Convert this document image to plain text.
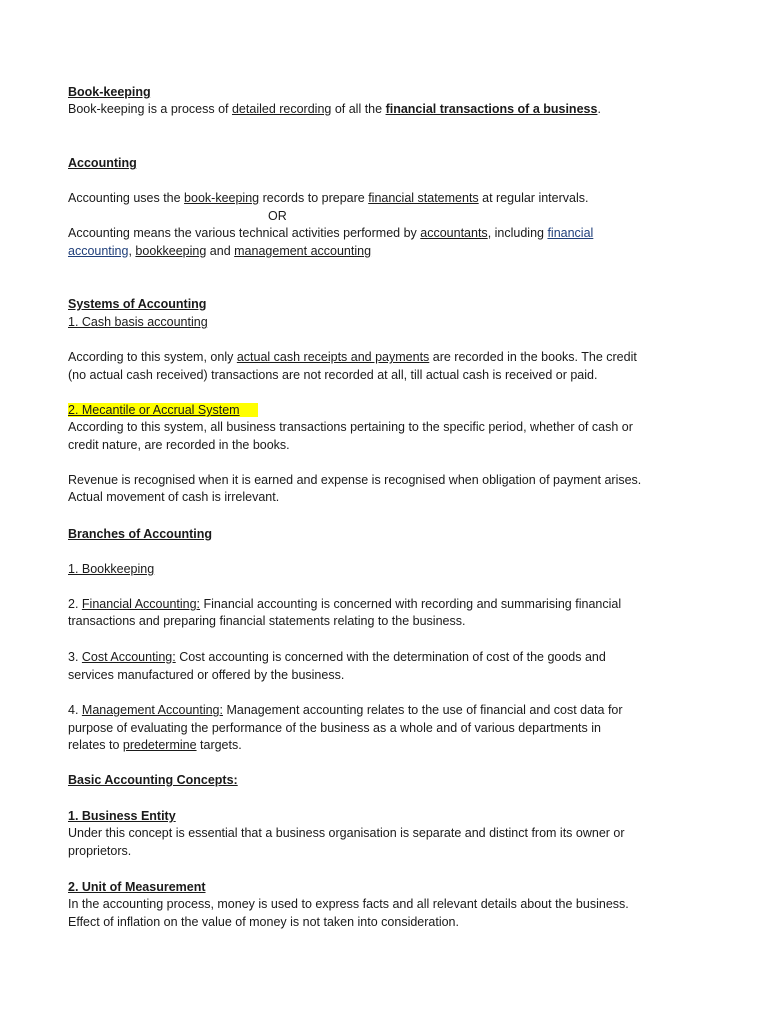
Book-keeping
Book-keeping is a process of detailed recording of all the financial transactions of a business.
Accounting
Accounting uses the book-keeping records to prepare financial statements at regular intervals.
OR
Accounting means the various technical activities performed by accountants, including financial
accounting, bookkeeping and management accounting
Systems of Accounting
1. Cash basis accounting
According to this system, only actual cash receipts and payments are recorded in the books. The credit
(no actual cash received) transactions are not recorded at all, till actual cash is received or paid.
2. Mecantile or Accrual System
According to this system, all business transactions pertaining to the specific period, whether of cash or
credit nature, are recorded in the books.
Revenue is recognised when it is earned and expense is recognised when obligation of payment arises.
Actual movement of cash is irrelevant.
Branches of Accounting
1. Bookkeeping
2. Financial Accounting: Financial accounting is concerned with recording and summarising financial
transactions and preparing financial statements relating to the business.
3. Cost Accounting: Cost accounting is concerned with the determination of cost of the goods and
services manufactured or offered by the business.
4. Management Accounting: Management accounting relates to the use of financial and cost data for
purpose of evaluating the performance of the business as a whole and of various departments in
relates to predetermine targets.
Basic Accounting Concepts:
1. Business Entity
Under this concept is essential that a business organisation is separate and distinct from its owner or
proprietors.
2. Unit of Measurement
In the accounting process, money is used to express facts and all relevant details about the business.
Effect of inflation on the value of money is not taken into consideration.
